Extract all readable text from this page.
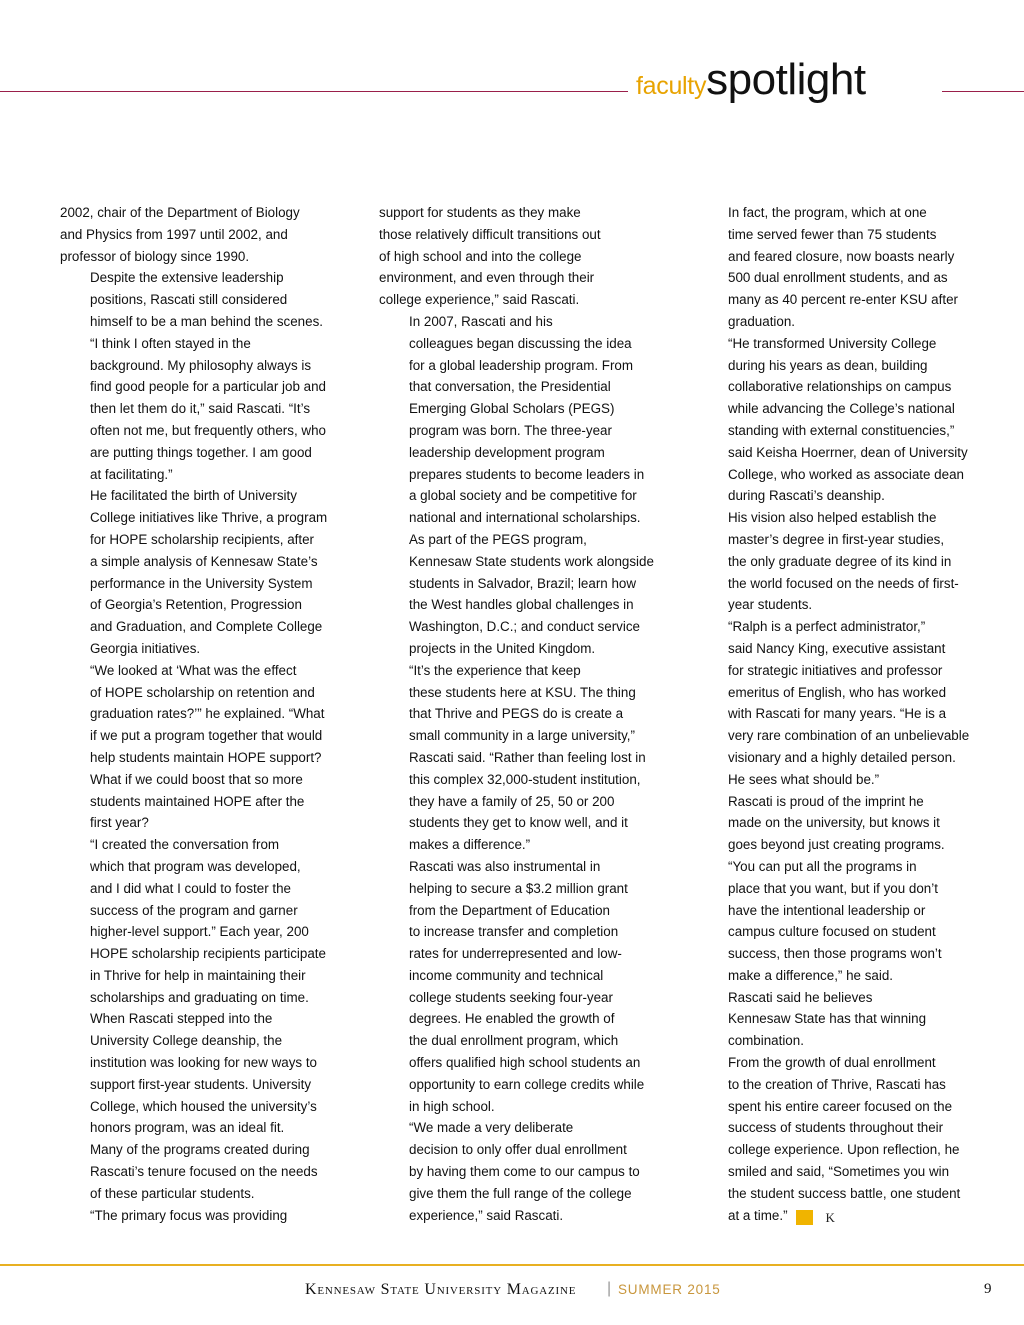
facultyspotlight

2002, chair of the Department of Biology
and Physics from 1997 until 2002, and
professor of biology since 1990.

Despite the extensive leadership
positions, Rascati still considered
himself to be a man behind the scenes.

“I think I often stayed in the
background. My philosophy always is
find good people for a particular job and
then let them do it,” said Rascati. “It’s
often not me, but frequently others, who
are putting things together. I am good
at facilitating.”

He facilitated the birth of University
College initiatives like Thrive, a program
for HOPE scholarship recipients, after
a simple analysis of Kennesaw State’s
performance in the University System
of Georgia’s Retention, Progression
and Graduation, and Complete College
Georgia initiatives.

“We looked at ‘What was the effect
of HOPE scholarship on retention and
graduation rates?’” he explained. “What
if we put a program together that would
help students maintain HOPE support?
What if we could boost that so more
students maintained HOPE after the
first year?

“I created the conversation from
which that program was developed,
and I did what I could to foster the
success of the program and garner
higher-level support.” Each year, 200
HOPE scholarship recipients participate
in Thrive for help in maintaining their
scholarships and graduating on time.

When Rascati stepped into the
University College deanship, the
institution was looking for new ways to
support first-year students. University
College, which housed the university’s
honors program, was an ideal fit.
Many of the programs created during
Rascati’s tenure focused on the needs
of these particular students.

“The primary focus was providing

support for students as they make
those relatively difficult transitions out
of high school and into the college
environment, and even through their
college experience,” said Rascati.

In 2007, Rascati and his
colleagues began discussing the idea
for a global leadership program. From
that conversation, the Presidential
Emerging Global Scholars (PEGS)
program was born. The three-year
leadership development program
prepares students to become leaders in
a global society and be competitive for
national and international scholarships.

As part of the PEGS program,
Kennesaw State students work alongside
students in Salvador, Brazil; learn how
the West handles global challenges in
Washington, D.C.; and conduct service
projects in the United Kingdom.

“It’s the experience that keep
these students here at KSU. The thing
that Thrive and PEGS do is create a
small community in a large university,”
Rascati said. “Rather than feeling lost in
this complex 32,000-student institution,
they have a family of 25, 50 or 200
students they get to know well, and it
makes a difference.”

Rascati was also instrumental in
helping to secure a $3.2 million grant
from the Department of Education
to increase transfer and completion
rates for underrepresented and low-
income community and technical
college students seeking four-year
degrees. He enabled the growth of
the dual enrollment program, which
offers qualified high school students an
opportunity to earn college credits while
in high school.

“We made a very deliberate
decision to only offer dual enrollment
by having them come to our campus to
give them the full range of the college
experience,” said Rascati.

In fact, the program, which at one
time served fewer than 75 students
and feared closure, now boasts nearly
500 dual enrollment students, and as
many as 40 percent re-enter KSU after
graduation.

“He transformed University College
during his years as dean, building
collaborative relationships on campus
while advancing the College’s national
standing with external constituencies,”
said Keisha Hoerrner, dean of University
College, who worked as associate dean
during Rascati’s deanship.

His vision also helped establish the
master’s degree in first-year studies,
the only graduate degree of its kind in
the world focused on the needs of first-
year students.

“Ralph is a perfect administrator,”
said Nancy King, executive assistant
for strategic initiatives and professor
emeritus of English, who has worked
with Rascati for many years. “He is a
very rare combination of an unbelievable
visionary and a highly detailed person.
He sees what should be.”

Rascati is proud of the imprint he
made on the university, but knows it
goes beyond just creating programs.

“You can put all the programs in
place that you want, but if you don’t
have the intentional leadership or
campus culture focused on student
success, then those programs won’t
make a difference,” he said.

Rascati said he believes
Kennesaw State has that winning
combination.

From the growth of dual enrollment
to the creation of Thrive, Rascati has
spent his entire career focused on the
success of students throughout their
college experience. Upon reflection, he
smiled and said, “Sometimes you win
the student success battle, one student
at a time.”	K

Kennesaw State University Magazine | SUMMER 2015	9
